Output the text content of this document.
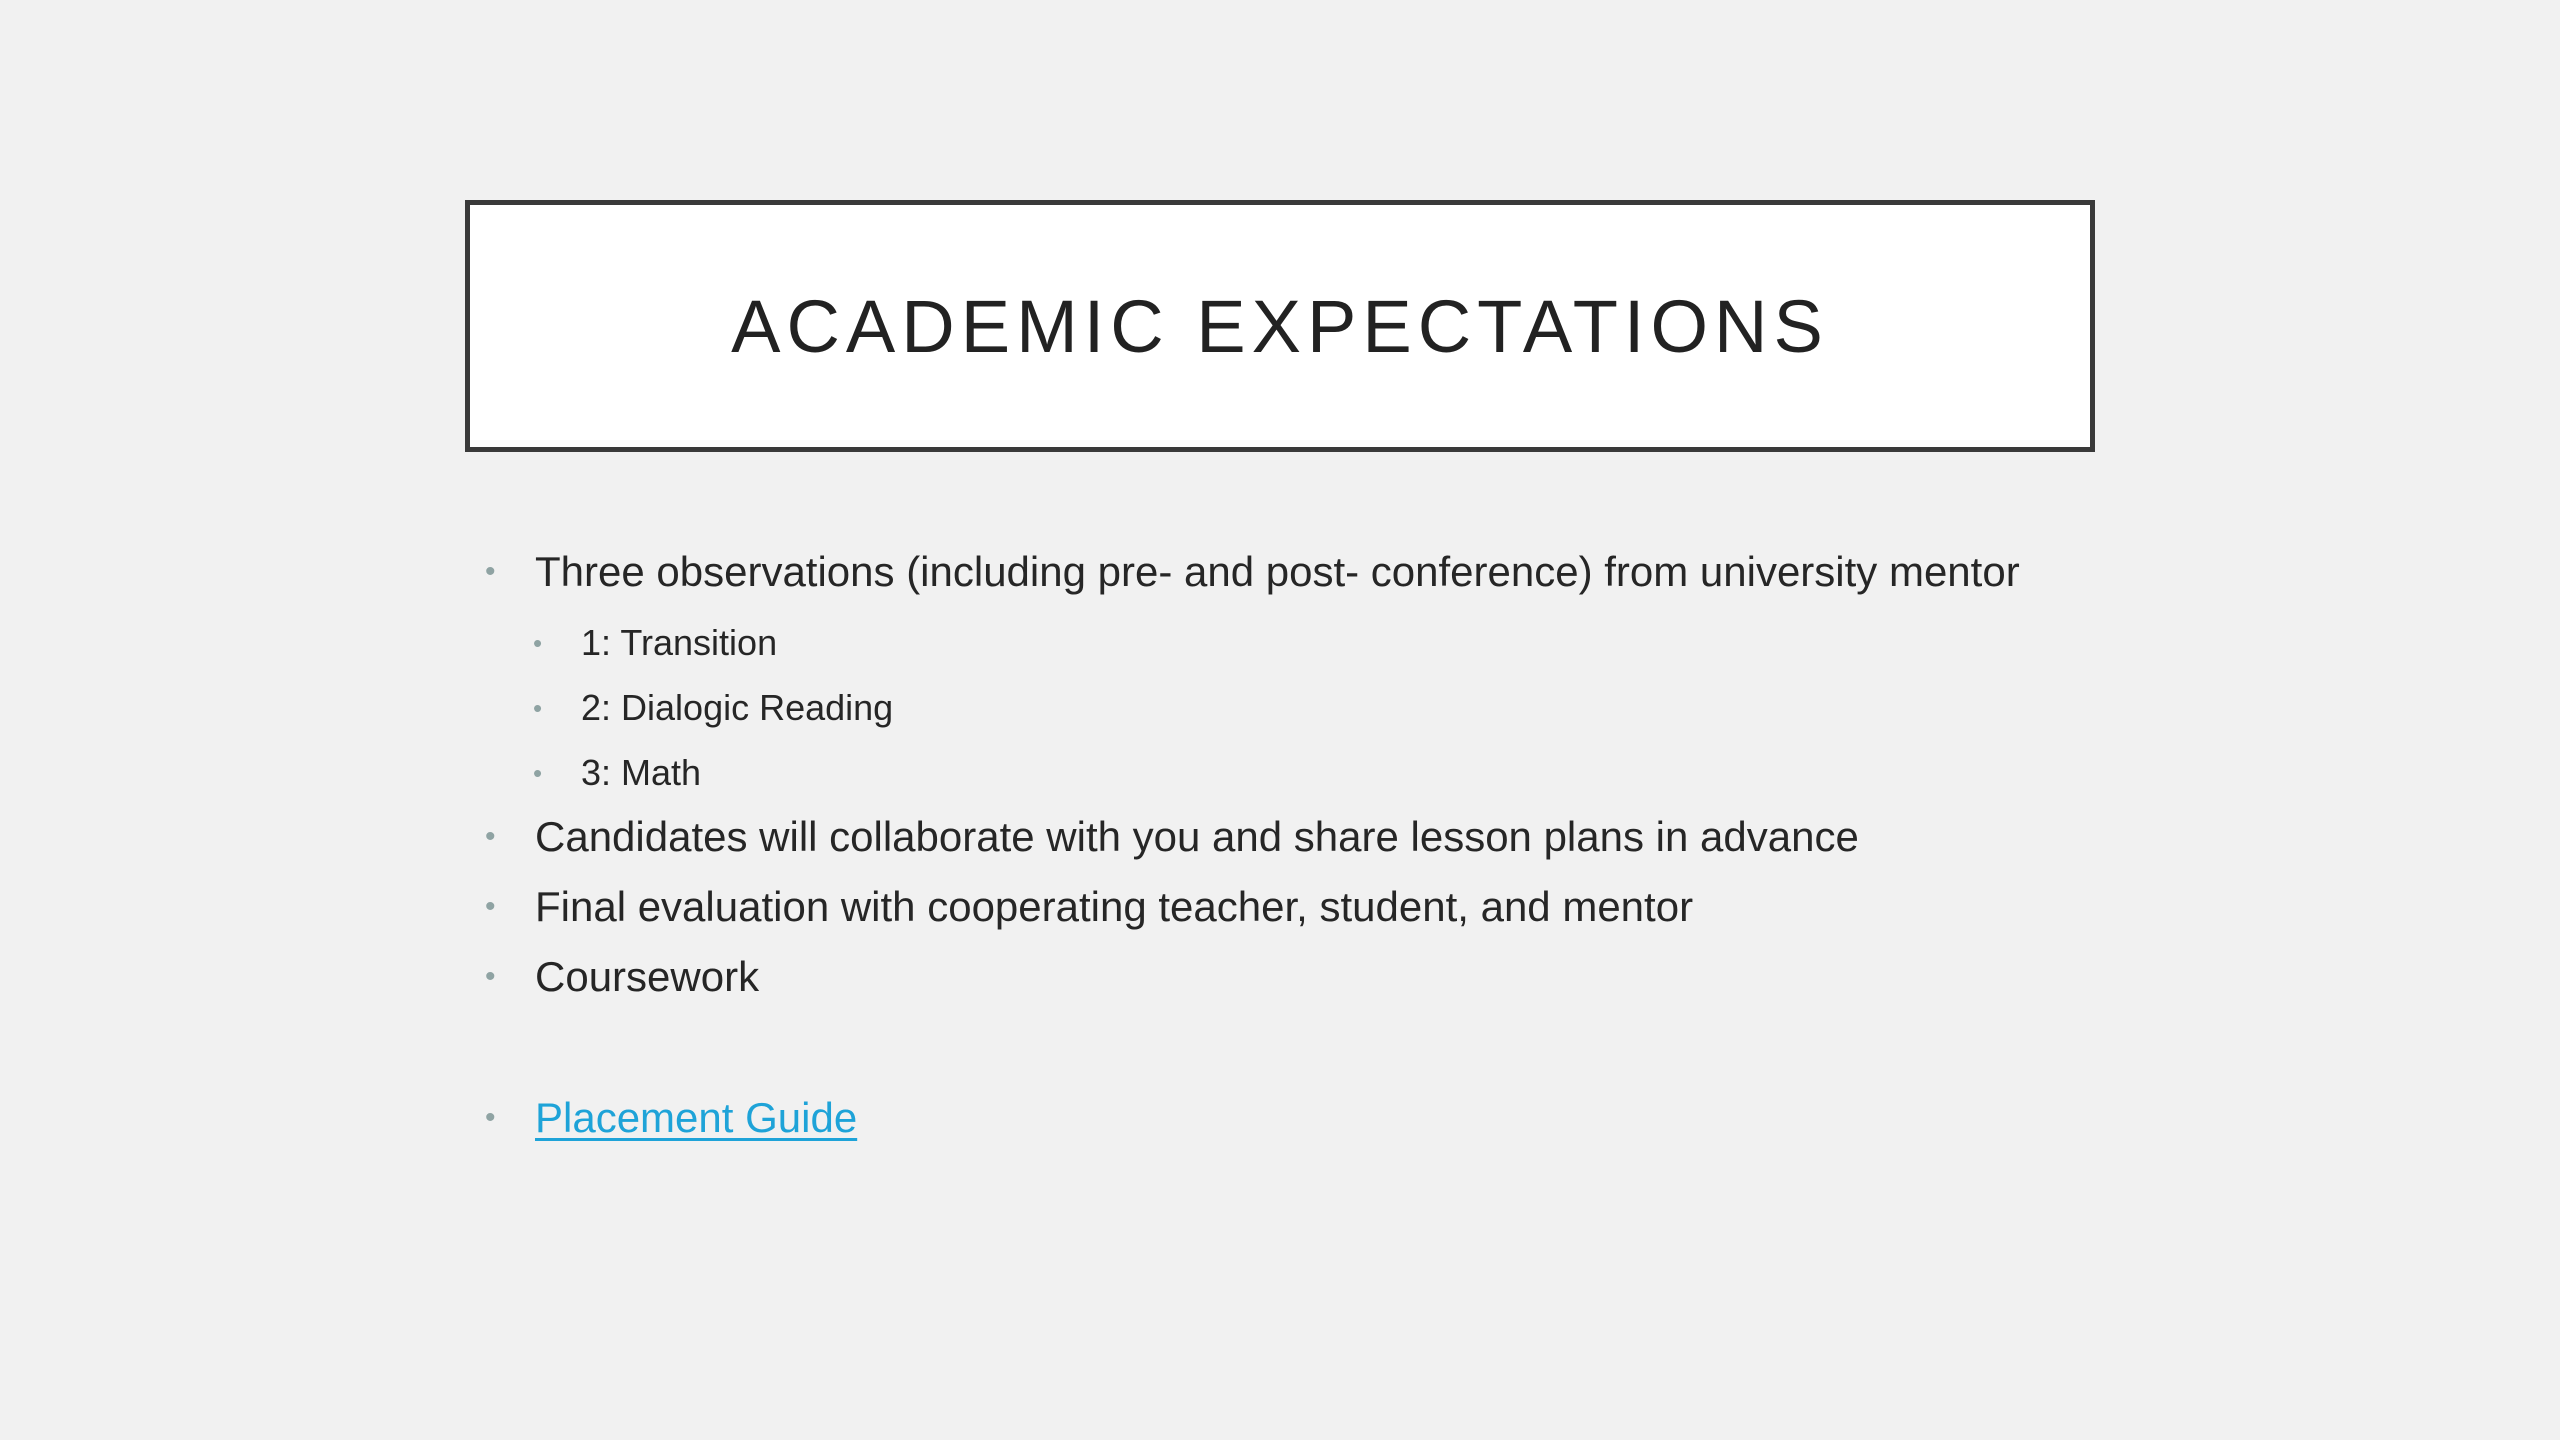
ACADEMIC EXPECTATIONS
• Three observations (including pre- and post- conference) from university mentor
•	1: Transition
•	2: Dialogic Reading
•	3: Math
• Candidates will collaborate with you and share lesson plans in advance
• Final evaluation with cooperating teacher, student, and mentor
• Coursework
• Placement Guide
